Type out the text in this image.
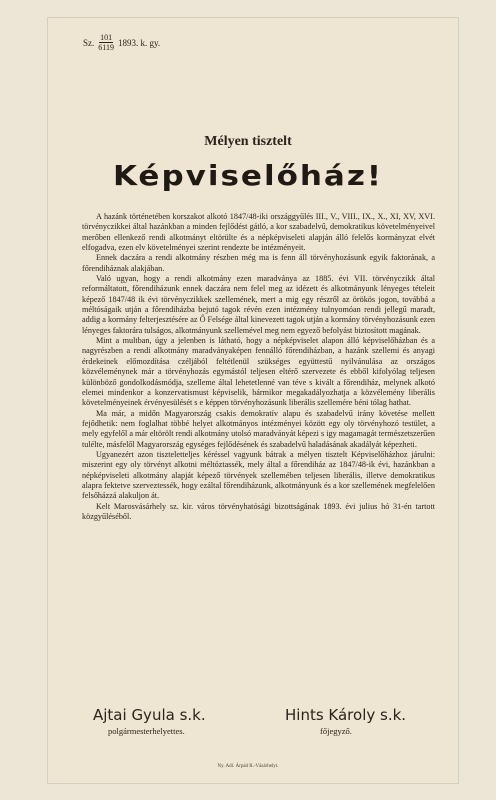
Sz. $\frac{101}{6119} 1893$. k. gy.
Mélyen tisztelt
Képviselőház!

A hazánk történetében korszakot alkotó 1847/48-iki országgyűlés III., V., VIII., IX., X., XI, XV, XVI. törvényczikkei által hazánkban a minden fejlődést gátló, a kor szabadelvű, demokratikus követelményeivel merőben ellenkező rendi alkotmányt eltörülte és a népképviseleti alapján álló felelős kormányzat elvét elfogadva, ezen elv követelményei szerint rendezte be intézményeit.

Ennek daczára a rendi alkotmány részben még ma is fenn áll törvényhozásunk egyik faktorának, a főrendiháznak alakjában.

Való ugyan, hogy a rendi alkotmány ezen maradványa az 1885. évi VII. törvényczikk által reformáltatott, főrendiházunk ennek daczára nem felel meg az idézett és alkotmányunk lényeges tételeit képező 1847/48 ik évi törvényczikkek szellemének, mert a mig egy részről az örökös jogon, továbbá a méltóságaik utján a főrendiházba bejutó tagok révén ezen intézmény tulnyomóan rendi jellegű maradt, addig a kormány felterjesztésére az Ő Felsége által kinevezett tagok utján a kormány törvényhozásunk ezen lényeges faktorára tulságos, alkotmányunk szellemével meg nem egyező befolyást biztosított magának.

Mint a multban, úgy a jelenben is látható, hogy a népképviselet alapon álló képviselőházban és a nagyrészben a rendi alkotmány maradványaképen fennálló főrendiházban, a hazánk szellemi és anyagi érdekeinek előmozdítása czéljából feltétlenül szükséges együttestű nyilvánulása az országos közvéleménynek már a törvényhozás egymástól teljesen eltérő szervezete és ebből kifolyólag teljesen különböző gondolkodásmódja, szelleme által lehetetlenné van téve s kivált a főrendiház, melynek alkotó elemei mindenkor a konzervatismust képviselik, bármikor megakadályozhatja a közvélemény liberális követelményeinek érvényesülését s e képpen törvényhozásunk liberális szellemére béni tólag hathat.

Ma már, a midőn Magyarország csakis demokratív alapu és szabadelvű irány követése mellett fejődhetik: nem foglalhat többé helyet alkotmányos intézményei között egy oly törvényhozó testület, a mely egyfelől a már eltörölt rendi alkotmány utolsó maradványát képezi s igy magamagát természetszerűen tulélte, másfelől Magyarország egységes fejlődésének és szabadelvű haladásának akadályát képezheti.

Ugyanezért azon tiszteletteljes kéréssel vagyunk bátrak a mélyen tisztelt Képviselőházhoz járulni: miszerint egy oly törvényt alkotni méltóztassék, mely által a főrendiház az 1847/48-ik évi, hazánkban a népképviseleti alkotmány alapját képező törvények szellemében teljesen liberális, illetve demokratikus alapra fektetve szerveztessék, hogy ezáltal főrendiházunk, alkotmányunk és a kor szellemének megfelelően felsőházzá alakuljon át.

Kelt Marosvásárhely sz. kir. város törvényhatósági bizottságának 1893. évi julius hó 31-én tartott közgyűléséből.

Ajtai Gyula s.k.
polgármesterhelyettes.
Hints Károly s.k.
főjegyző.
Ny. Adl. Árpád R.-Vásárhelyt.
